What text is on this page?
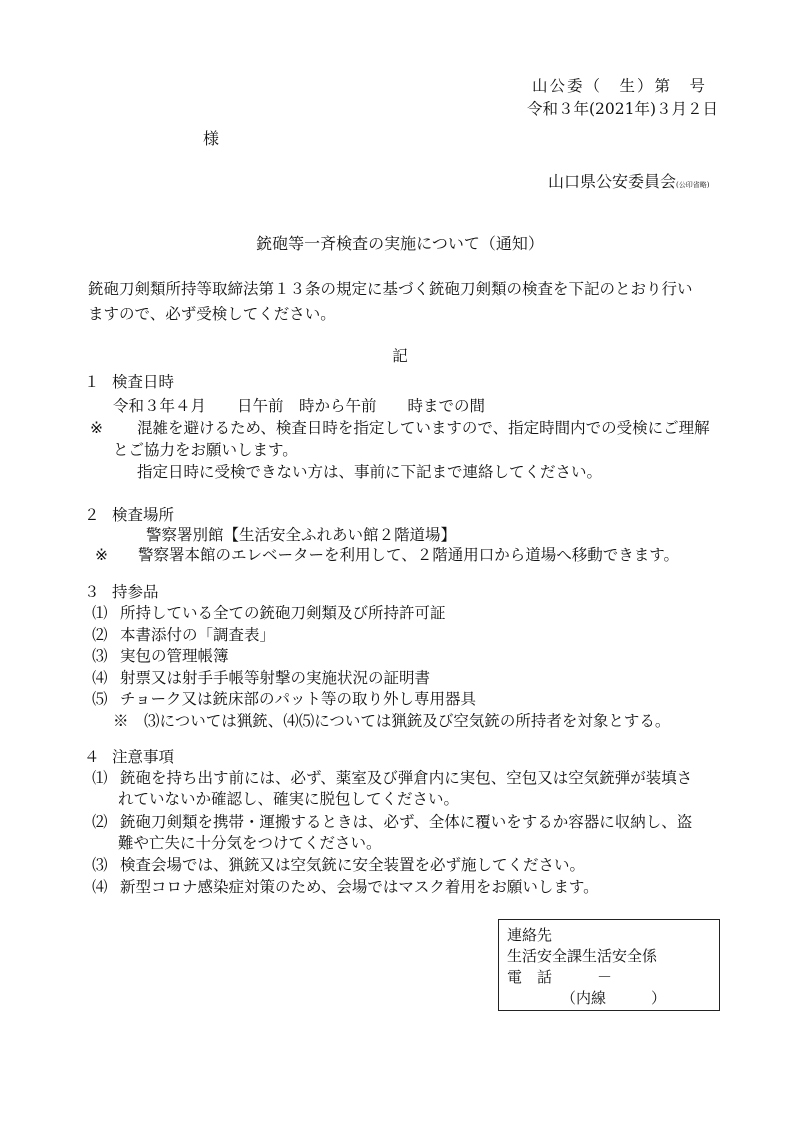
山公委（　生）第　号
令和３年(2021年)３月２日
様
山口県公安委員会(公印省略)
銃砲等一斉検査の実施について（通知）
銃砲刀剣類所持等取締法第１３条の規定に基づく銃砲刀剣類の検査を下記のとおり行い
ますので、必ず受検してください。
記
１ 検査日時
令和３年４月　　日午前　時から午前　　時までの間
※ 混雑を避けるため、検査日時を指定していますので、指定時間内での受検にご理解
とご協力をお願いします。
指定日時に受検できない方は、事前に下記まで連絡してください。
２ 検査場所
警察署別館【生活安全ふれあい館２階道場】
※ 警察署本館のエレベーターを利用して、２階通用口から道場へ移動できます。
３ 持参品
⑴ 所持している全ての銃砲刀剣類及び所持許可証
⑵ 本書添付の「調査表」
⑶ 実包の管理帳簿
⑷ 射票又は射手手帳等射撃の実施状況の証明書
⑸ チョーク又は銃床部のパット等の取り外し専用器具
※　⑶については猟銃、⑷⑸については猟銃及び空気銃の所持者を対象とする。
４ 注意事項
⑴ 銃砲を持ち出す前には、必ず、薬室及び弾倉内に実包、空包又は空気銃弾が装填さ
れていないか確認し、確実に脱包してください。
⑵ 銃砲刀剣類を携帯・運搬するときは、必ず、全体に覆いをするか容器に収納し、盗
難や亡失に十分気をつけてください。
⑶ 検査会場では、猟銃又は空気銃に安全装置を必ず施してください。
⑷ 新型コロナ感染症対策のため、会場ではマスク着用をお願いします。
連絡先
生活安全課生活安全係
電　話　　　－
（内線　　　）
